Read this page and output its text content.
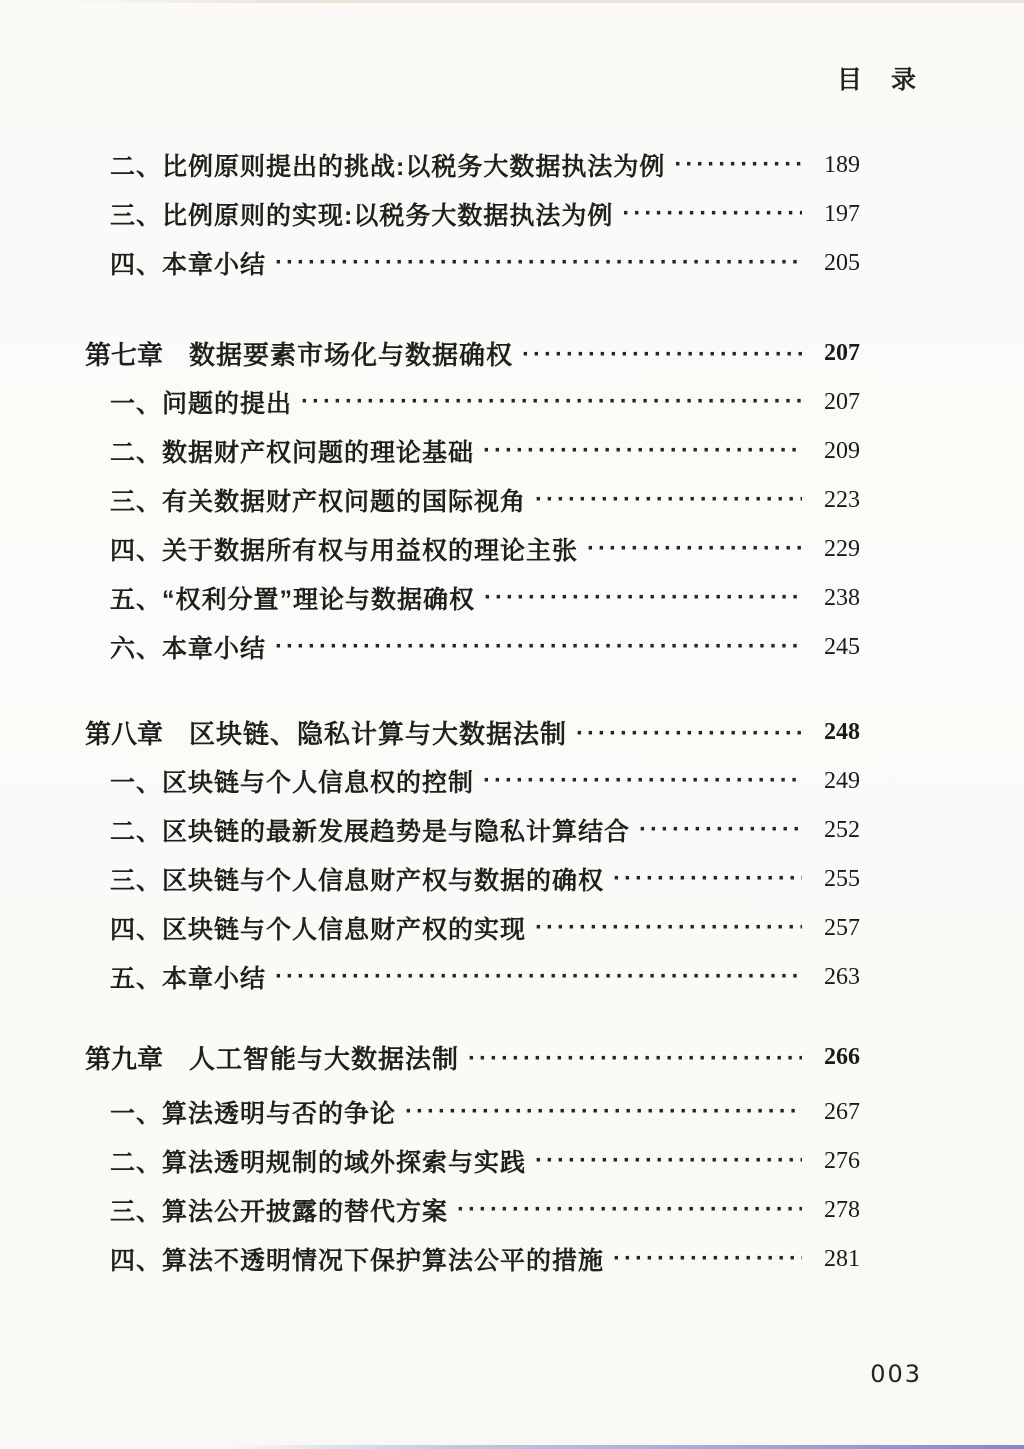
目　录
二、比例原则提出的挑战:以税务大数据执法为例 ·····	189
三、比例原则的实现:以税务大数据执法为例 ·····	197
四、本章小结 ·····	205
第七章 数据要素市场化与数据确权 ·····	207
一、问题的提出 ·····	207
二、数据财产权问题的理论基础 ·····	209
三、有关数据财产权问题的国际视角 ·····	223
四、关于数据所有权与用益权的理论主张 ·····	229
五、“权利分置”理论与数据确权 ·····	238
六、本章小结 ·····	245
第八章 区块链、隐私计算与大数据法制 ·····	248
一、区块链与个人信息权的控制 ·····	249
二、区块链的最新发展趋势是与隐私计算结合 ·····	252
三、区块链与个人信息财产权与数据的确权 ·····	255
四、区块链与个人信息财产权的实现 ·····	257
五、本章小结 ·····	263
第九章 人工智能与大数据法制 ·····	266
一、算法透明与否的争论 ·····	267
二、算法透明规制的域外探索与实践 ·····	276
三、算法公开披露的替代方案 ·····	278
四、算法不透明情况下保护算法公平的措施 ·····	281
003
